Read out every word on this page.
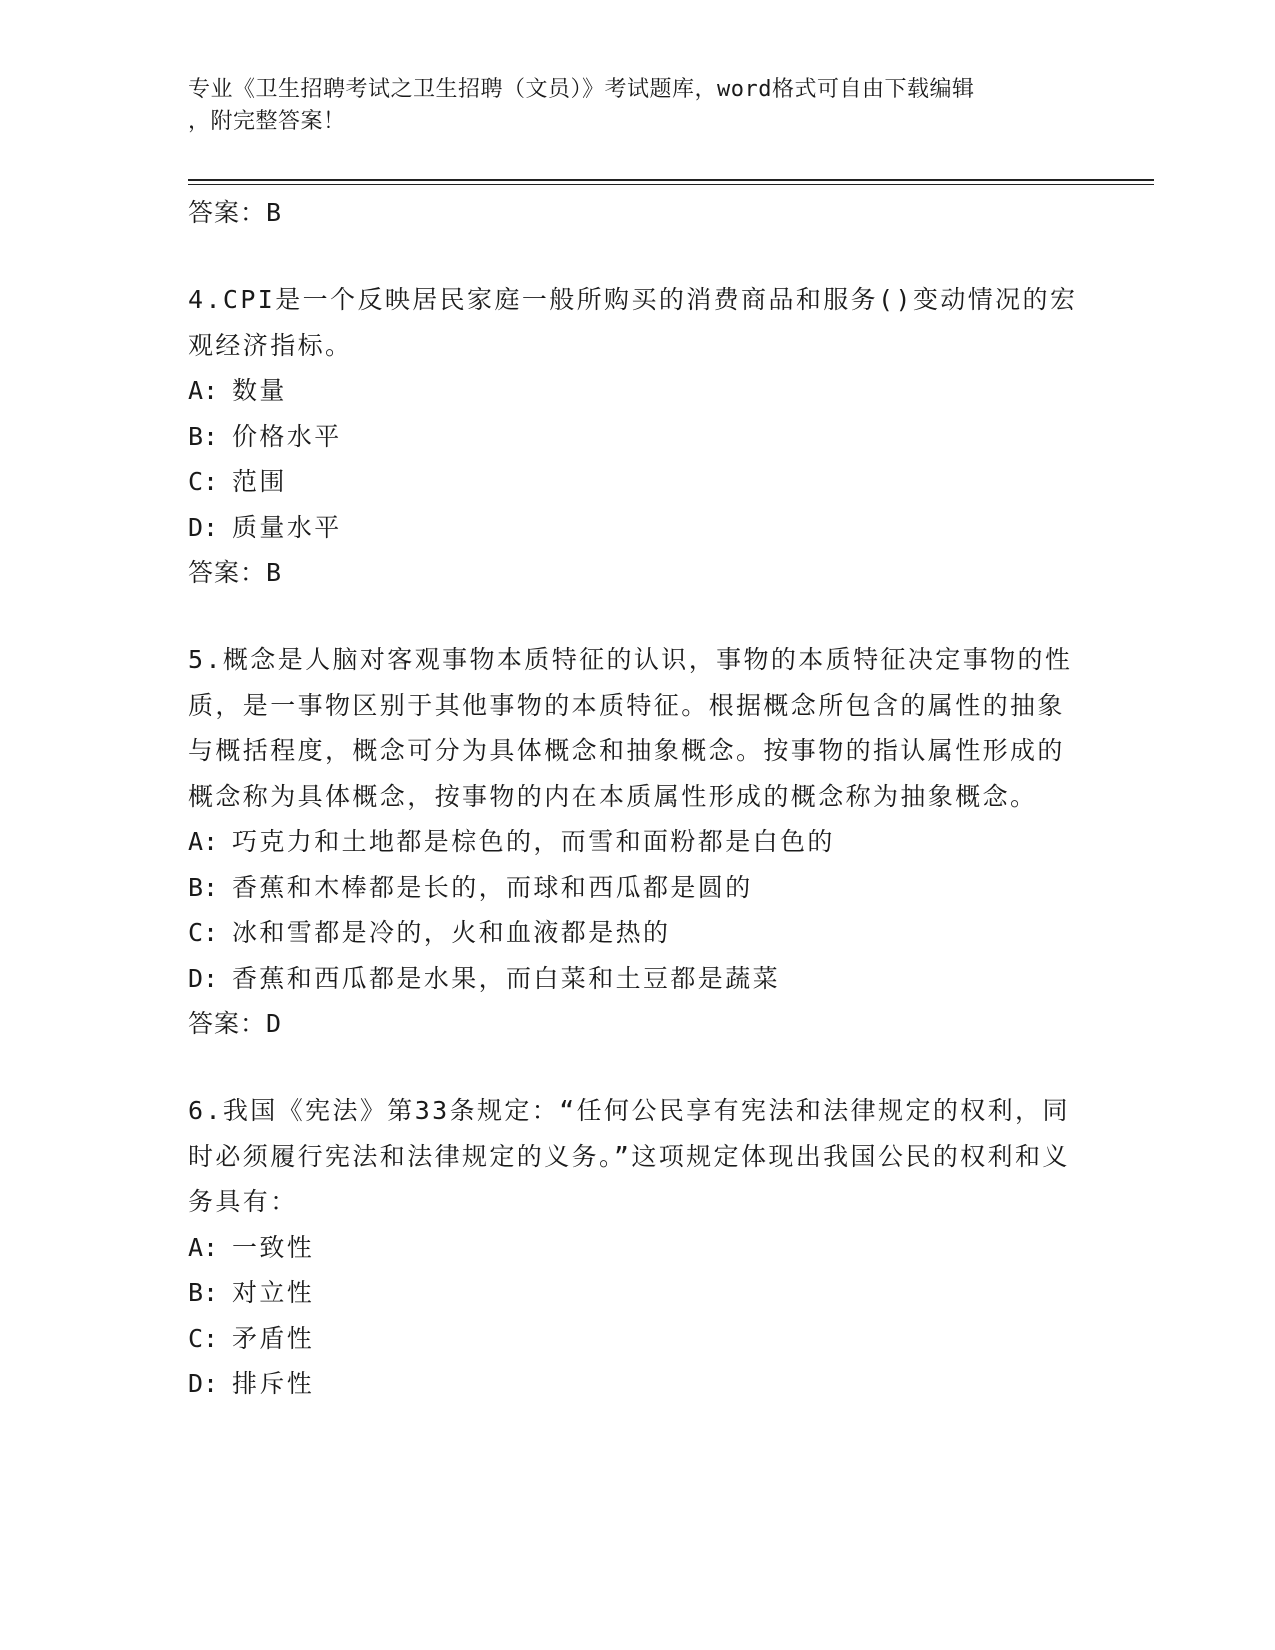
专业《卫生招聘考试之卫生招聘（文员）》考试题库，word格式可自由下载编辑
，附完整答案！
答案：B
4.CPI是一个反映居民家庭一般所购买的消费商品和服务()变动情况的宏观经济指标。
A: 数量
B: 价格水平
C: 范围
D: 质量水平
答案：B
5.概念是人脑对客观事物本质特征的认识，事物的本质特征决定事物的性质，是一事物区别于其他事物的本质特征。根据概念所包含的属性的抽象与概括程度，概念可分为具体概念和抽象概念。按事物的指认属性形成的概念称为具体概念，按事物的内在本质属性形成的概念称为抽象概念。
A: 巧克力和土地都是棕色的，而雪和面粉都是白色的
B: 香蕉和木棒都是长的，而球和西瓜都是圆的
C: 冰和雪都是冷的，火和血液都是热的
D: 香蕉和西瓜都是水果，而白菜和土豆都是蔬菜
答案：D
6.我国《宪法》第33条规定：“任何公民享有宪法和法律规定的权利，同时必须履行宪法和法律规定的义务。”这项规定体现出我国公民的权利和义务具有：
A: 一致性
B: 对立性
C: 矛盾性
D: 排斥性
